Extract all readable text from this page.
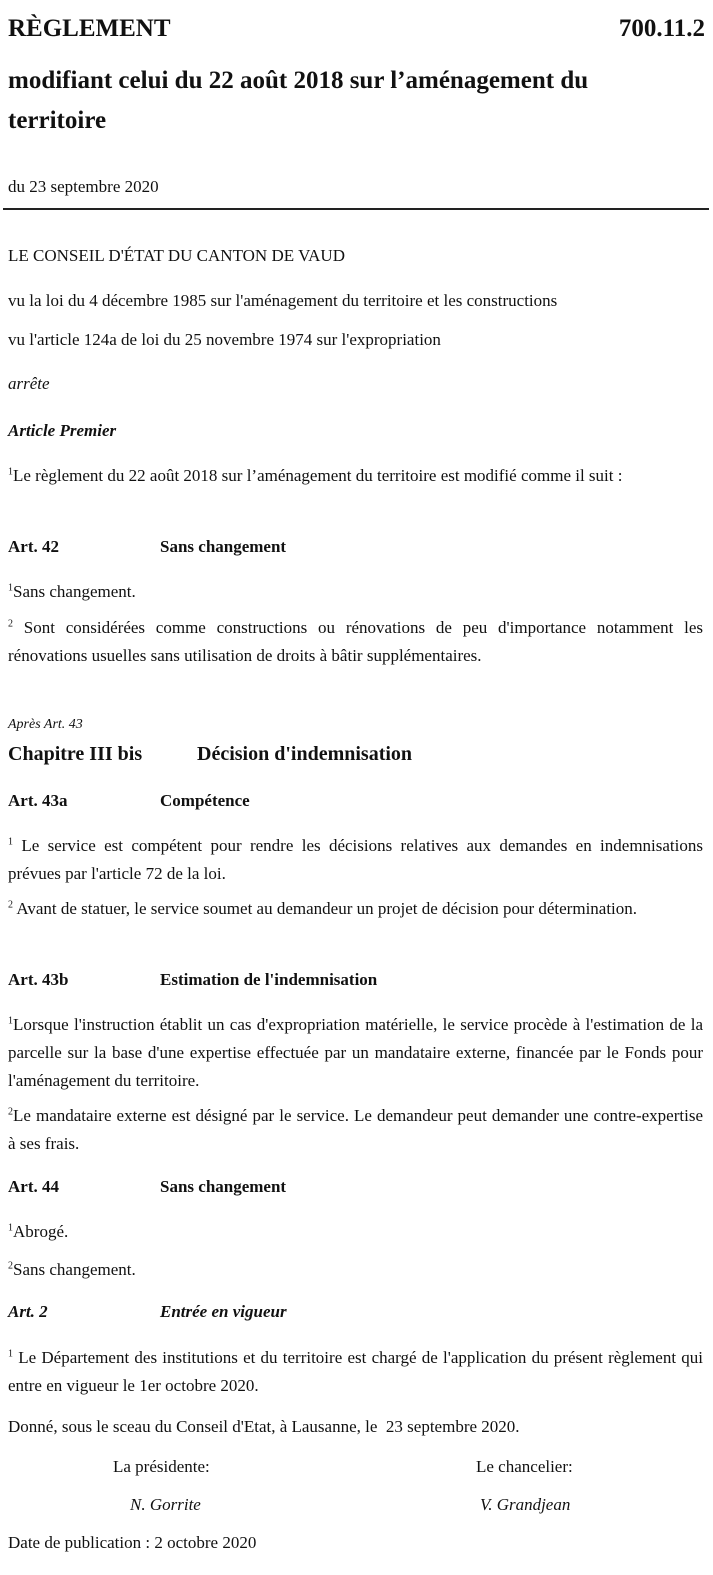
RÈGLEMENT	700.11.2
modifiant celui du 22 août 2018 sur l’aménagement du
territoire
du 23 septembre 2020
LE CONSEIL D'ÉTAT DU CANTON DE VAUD
vu la loi du 4 décembre 1985 sur l'aménagement du territoire et les constructions
vu l'article 124a de loi du 25 novembre 1974 sur l'expropriation
arrête
Article Premier
$^1$Le règlement du 22 août 2018 sur l’aménagement du territoire est modifié comme il suit :
Art. 42	Sans changement
$^1$Sans changement.
$^2$ Sont considérées comme constructions ou rénovations de peu d'importance notamment les rénovations usuelles sans utilisation de droits à bâtir supplémentaires.
Après Art. 43
Chapitre III bis	Décision d'indemnisation
Art. 43a	Compétence
$^1$ Le service est compétent pour rendre les décisions relatives aux demandes en indemnisations prévues par l'article 72 de la loi.
$^2$ Avant de statuer, le service soumet au demandeur un projet de décision pour détermination.
Art. 43b	Estimation de l'indemnisation
$^1$Lorsque l'instruction établit un cas d'expropriation matérielle, le service procède à l'estimation de la parcelle sur la base d'une expertise effectuée par un mandataire externe, financée par le Fonds pour l'aménagement du territoire.
$^2$Le mandataire externe est désigné par le service. Le demandeur peut demander une contre-expertise à ses frais.
Art. 44	Sans changement
$^1$Abrogé.
$^2$Sans changement.
Art. 2	Entrée en vigueur
$^1$ Le Département des institutions et du territoire est chargé de l'application du présent règlement qui entre en vigueur le 1er octobre 2020.
Donné, sous le sceau du Conseil d'Etat, à Lausanne, le  23 septembre 2020.
La présidente:	Le chancelier:
N. Gorrite	V. Grandjean
Date de publication : 2 octobre 2020
